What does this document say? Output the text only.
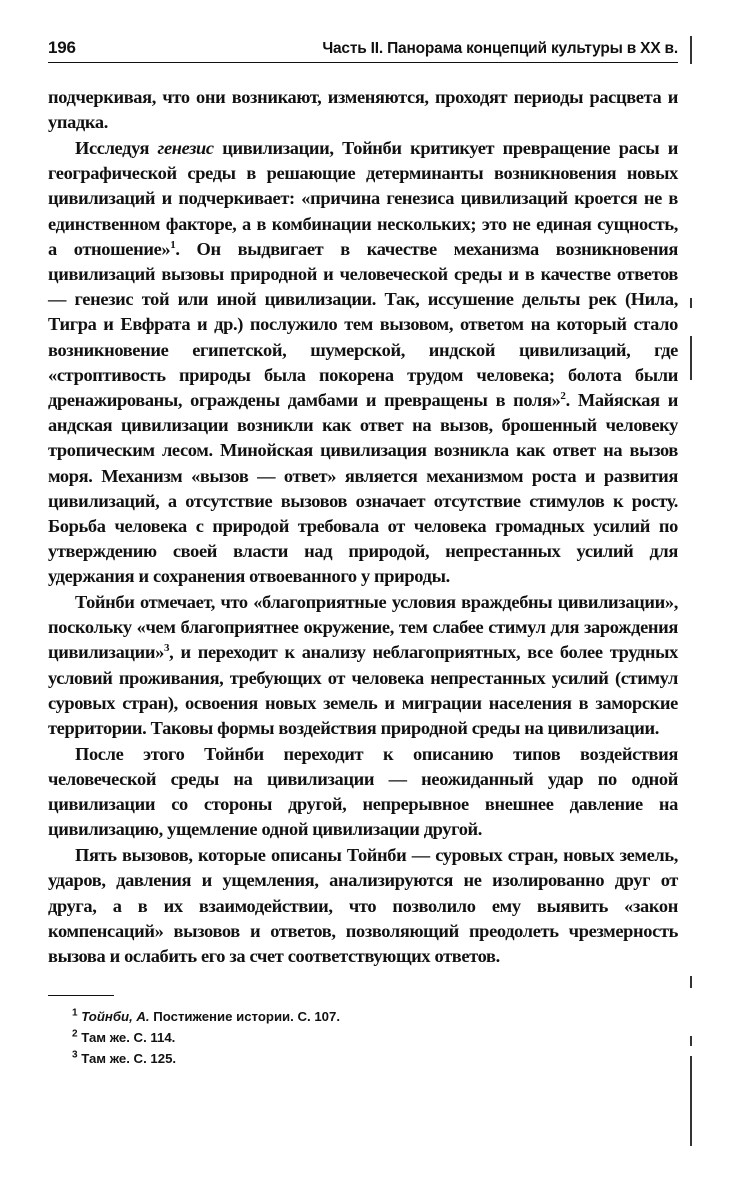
196	Часть II. Панорама концепций культуры в XX в.

подчеркивая, что они возникают, изменяются, проходят периоды расцвета и упадка.

Исследуя генезис цивилизации, Тойнби критикует превращение расы и географической среды в решающие детерминанты возникновения новых цивилизаций и подчеркивает: «причина генезиса цивилизаций кроется не в единственном факторе, а в комбинации нескольких; это не единая сущность, а отношение»$^1$. Он выдвигает в качестве механизма возникновения цивилизаций вызовы природной и человеческой среды и в качестве ответов — генезис той или иной цивилизации. Так, иссушение дельты рек (Нила, Тигра и Евфрата и др.) послужило тем вызовом, ответом на который стало возникновение египетской, шумерской, индской цивилизаций, где «строптивость природы была покорена трудом человека; болота были дренажированы, ограждены дамбами и превращены в поля»$^2$. Майяская и андская цивилизации возникли как ответ на вызов, брошенный человеку тропическим лесом. Минойская цивилизация возникла как ответ на вызов моря. Механизм «вызов — ответ» является механизмом роста и развития цивилизаций, а отсутствие вызовов означает отсутствие стимулов к росту. Борьба человека с природой требовала от человека громадных усилий по утверждению своей власти над природой, непрестанных усилий для удержания и сохранения отвоеванного у природы.

Тойнби отмечает, что «благоприятные условия враждебны цивилизации», поскольку «чем благоприятнее окружение, тем слабее стимул для зарождения цивилизации»$^3$, и переходит к анализу неблагоприятных, все более трудных условий проживания, требующих от человека непрестанных усилий (стимул суровых стран), освоения новых земель и миграции населения в заморские территории. Таковы формы воздействия природной среды на цивилизации.

После этого Тойнби переходит к описанию типов воздействия человеческой среды на цивилизации — неожиданный удар по одной цивилизации со стороны другой, непрерывное внешнее давление на цивилизацию, ущемление одной цивилизации другой.

Пять вызовов, которые описаны Тойнби — суровых стран, новых земель, ударов, давления и ущемления, анализируются не изолированно друг от друга, а в их взаимодействии, что позволило ему выявить «закон компенсаций» вызовов и ответов, позволяющий преодолеть чрезмерность вызова и ослабить его за счет соответствующих ответов.

$^1$ Тойнби, А. Постижение истории. С. 107.
$^2$ Там же. С. 114.
$^3$ Там же. С. 125.
